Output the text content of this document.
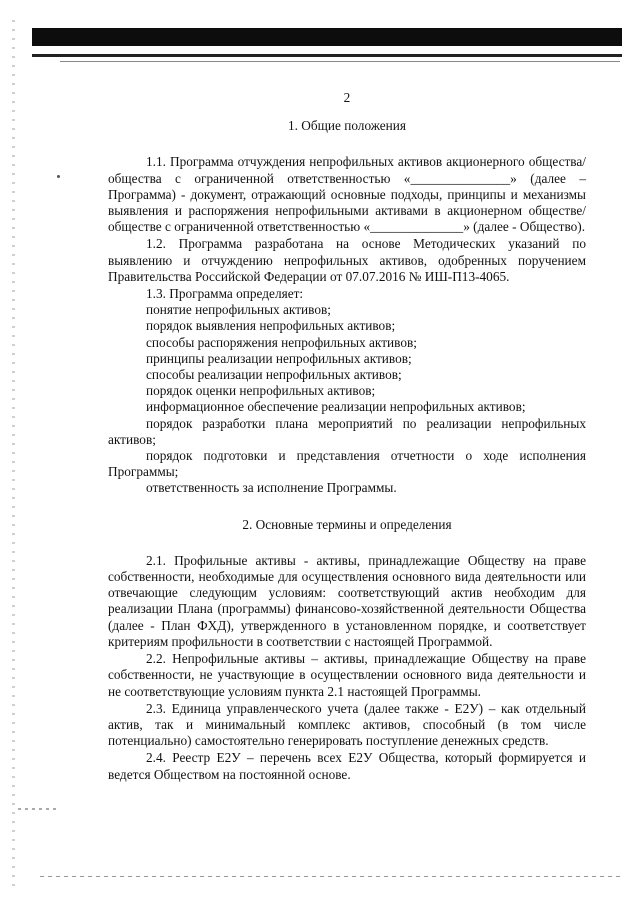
2
1. Общие положения

1.1. Программа отчуждения непрофильных активов акционерного общества/общества с ограниченной ответственностью «_______________» (далее – Программа) - документ, отражающий основные подходы, принципы и механизмы выявления и распоряжения непрофильными активами в акционерном обществе/обществе с ограниченной ответственностью «______________» (далее - Общество).

1.2. Программа разработана на основе Методических указаний по выявлению и отчуждению непрофильных активов, одобренных поручением Правительства Российской Федерации от 07.07.2016 № ИШ-П13-4065.

1.3. Программа определяет:

понятие непрофильных активов;

порядок выявления непрофильных активов;

способы распоряжения непрофильных активов;

принципы реализации непрофильных активов;

способы реализации непрофильных активов;

порядок оценки непрофильных активов;

информационное обеспечение реализации непрофильных активов;

порядок разработки плана мероприятий по реализации непрофильных активов;

порядок подготовки и представления отчетности о ходе исполнения Программы;

ответственность за исполнение Программы.

2. Основные термины и определения

2.1. Профильные активы - активы, принадлежащие Обществу на праве собственности, необходимые для осуществления основного вида деятельности или отвечающие следующим условиям: соответствующий актив необходим для реализации Плана (программы) финансово-хозяйственной деятельности Общества (далее - План ФХД), утвержденного в установленном порядке, и соответствует критериям профильности в соответствии с настоящей Программой.

2.2. Непрофильные активы – активы, принадлежащие Обществу на праве собственности, не участвующие в осуществлении основного вида деятельности и не соответствующие условиям пункта 2.1 настоящей Программы.

2.3. Единица управленческого учета (далее также - Е2У) – как отдельный актив, так и минимальный комплекс активов, способный (в том числе потенциально) самостоятельно генерировать поступление денежных средств.

2.4. Реестр Е2У – перечень всех Е2У Общества, который формируется и ведется Обществом на постоянной основе.
